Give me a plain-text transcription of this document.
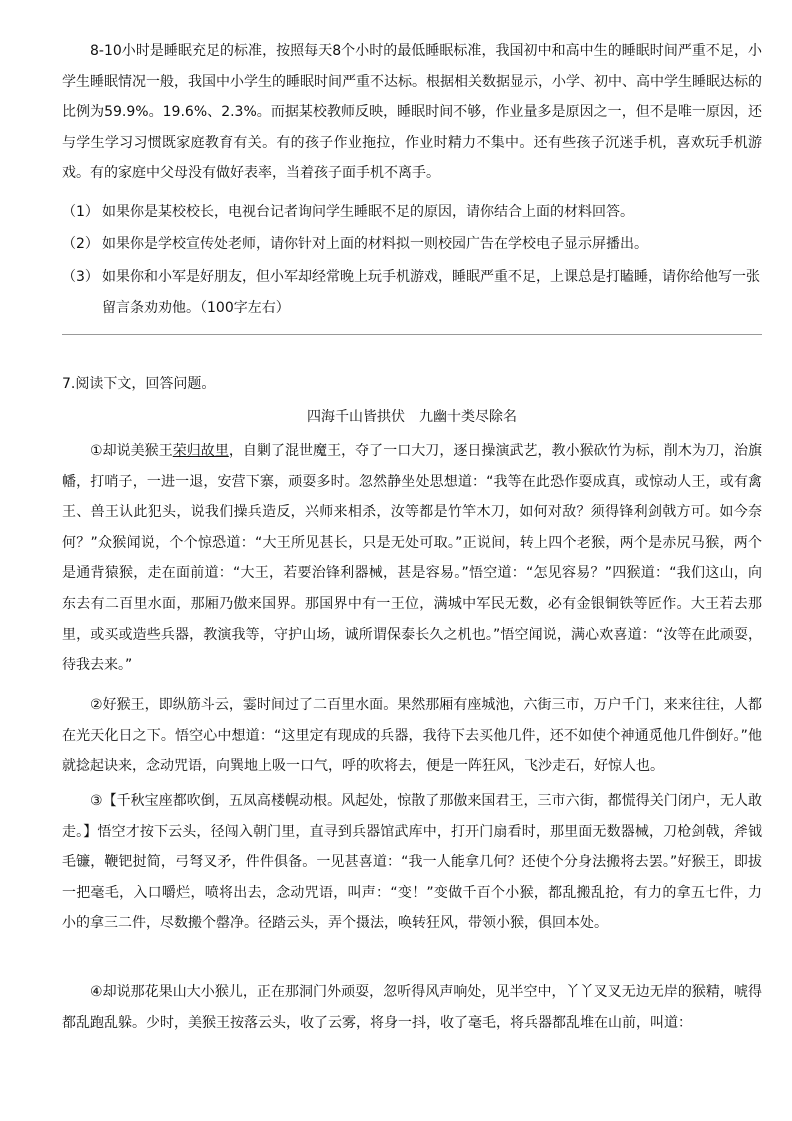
8-10小时是睡眠充足的标准，按照每天8个小时的最低睡眠标准，我国初中和高中生的睡眠时间严重不足，小学生睡眠情况一般，我国中小学生的睡眠时间严重不达标。根据相关数据显示，小学、初中、高中学生睡眠达标的比例为59.9%。19.6%、2.3%。而据某校教师反映，睡眠时间不够，作业量多是原因之一，但不是唯一原因，还与学生学习习惯既家庭教育有关。有的孩子作业拖拉，作业时精力不集中。还有些孩子沉迷手机，喜欢玩手机游戏。有的家庭中父母没有做好表率，当着孩子面手机不离手。

（1） 如果你是某校校长，电视台记者询问学生睡眠不足的原因，请你结合上面的材料回答。

（2） 如果你是学校宣传处老师，请你针对上面的材料拟一则校园广告在学校电子显示屏播出。

（3） 如果你和小军是好朋友，但小军却经常晚上玩手机游戏，睡眠严重不足，上课总是打瞌睡，请你给他写一张留言条劝劝他。（100字左右）

7.阅读下文，回答问题。

四海千山皆拱伏 九幽十类尽除名

①却说美猴王荣归故里，自剿了混世魔王，夺了一口大刀，逐日操演武艺，教小猴砍竹为标，削木为刀，治旗幡，打哨子，一进一退，安营下寨，顽耍多时。忽然静坐处思想道：“我等在此恐作耍成真，或惊动人王，或有禽王、兽王认此犯头，说我们操兵造反，兴师来相杀，汝等都是竹竿木刀，如何对敌？须得锋利剑戟方可。如今奈何？”众猴闻说，个个惊恐道：“大王所见甚长，只是无处可取。”正说间，转上四个老猴，两个是赤尻马猴，两个是通背猿猴，走在面前道：“大王，若要治锋利器械，甚是容易。”悟空道：“怎见容易？”四猴道：“我们这山，向东去有二百里水面，那厢乃傲来国界。那国界中有一王位，满城中军民无数，必有金银铜铁等匠作。大王若去那里，或买或造些兵器，教演我等，守护山场，诚所谓保泰长久之机也。”悟空闻说，满心欢喜道：“汝等在此顽耍，待我去来。”

②好猴王，即纵筋斗云，霎时间过了二百里水面。果然那厢有座城池，六街三市，万户千门，来来往往，人都在光天化日之下。悟空心中想道：“这里定有现成的兵器，我待下去买他几件，还不如使个神通觅他几件倒好。”他就捻起诀来，念动咒语，向巽地上吸一口气，呼的吹将去，便是一阵狂风，飞沙走石，好惊人也。

③【千秋宝座都吹倒，五凤高楼幌动根。风起处，惊散了那傲来国君王，三市六街，都慌得关门闭户，无人敢走。】悟空才按下云头，径闯入朝门里，直寻到兵器馆武库中，打开门扇看时，那里面无数器械，刀枪剑戟，斧钺毛镰，鞭钯挝简，弓弩叉矛，件件俱备。一见甚喜道：“我一人能拿几何？还使个分身法搬将去罢。”好猴王，即拔一把毫毛，入口嚼烂，喷将出去，念动咒语，叫声：“变！”变做千百个小猴，都乱搬乱抢，有力的拿五七件，力小的拿三二件，尽数搬个罄净。径踏云头，弄个摄法，唤转狂风，带领小猴，俱回本处。

④却说那花果山大小猴儿，正在那洞门外顽耍，忽听得风声响处，见半空中，丫丫叉叉无边无岸的猴精，唬得都乱跑乱躲。少时，美猴王按落云头，收了云雾，将身一抖，收了毫毛，将兵器都乱堆在山前，叫道：
